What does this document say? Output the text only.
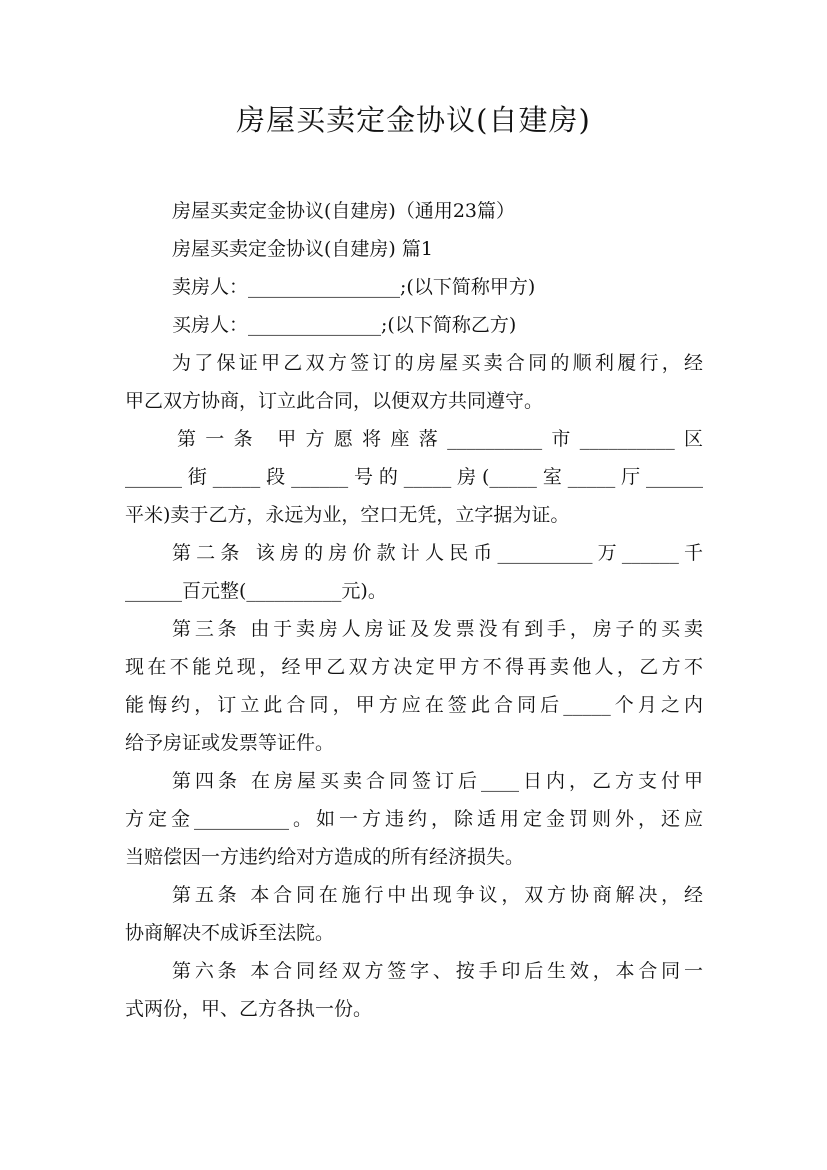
房屋买卖定金协议(自建房)
房屋买卖定金协议(自建房)（通用23篇）
房屋买卖定金协议(自建房) 篇1
卖房人：________________;(以下简称甲方)
买房人：______________;(以下简称乙方)
为了保证甲乙双方签订的房屋买卖合同的顺利履行，经
甲乙双方协商，订立此合同，以便双方共同遵守。
第一条 甲方愿将座落__________市__________区
______街_____段______号的_____房(_____室_____厅______
平米)卖于乙方，永远为业，空口无凭，立字据为证。
第二条 该房的房价款计人民币__________万______千
______百元整(__________元)。
第三条 由于卖房人房证及发票没有到手，房子的买卖
现在不能兑现，经甲乙双方决定甲方不得再卖他人，乙方不
能悔约，订立此合同，甲方应在签此合同后_____个月之内
给予房证或发票等证件。
第四条 在房屋买卖合同签订后____日内，乙方支付甲
方定金__________。如一方违约，除适用定金罚则外，还应
当赔偿因一方违约给对方造成的所有经济损失。
第五条 本合同在施行中出现争议，双方协商解决，经
协商解决不成诉至法院。
第六条 本合同经双方签字、按手印后生效，本合同一
式两份，甲、乙方各执一份。
